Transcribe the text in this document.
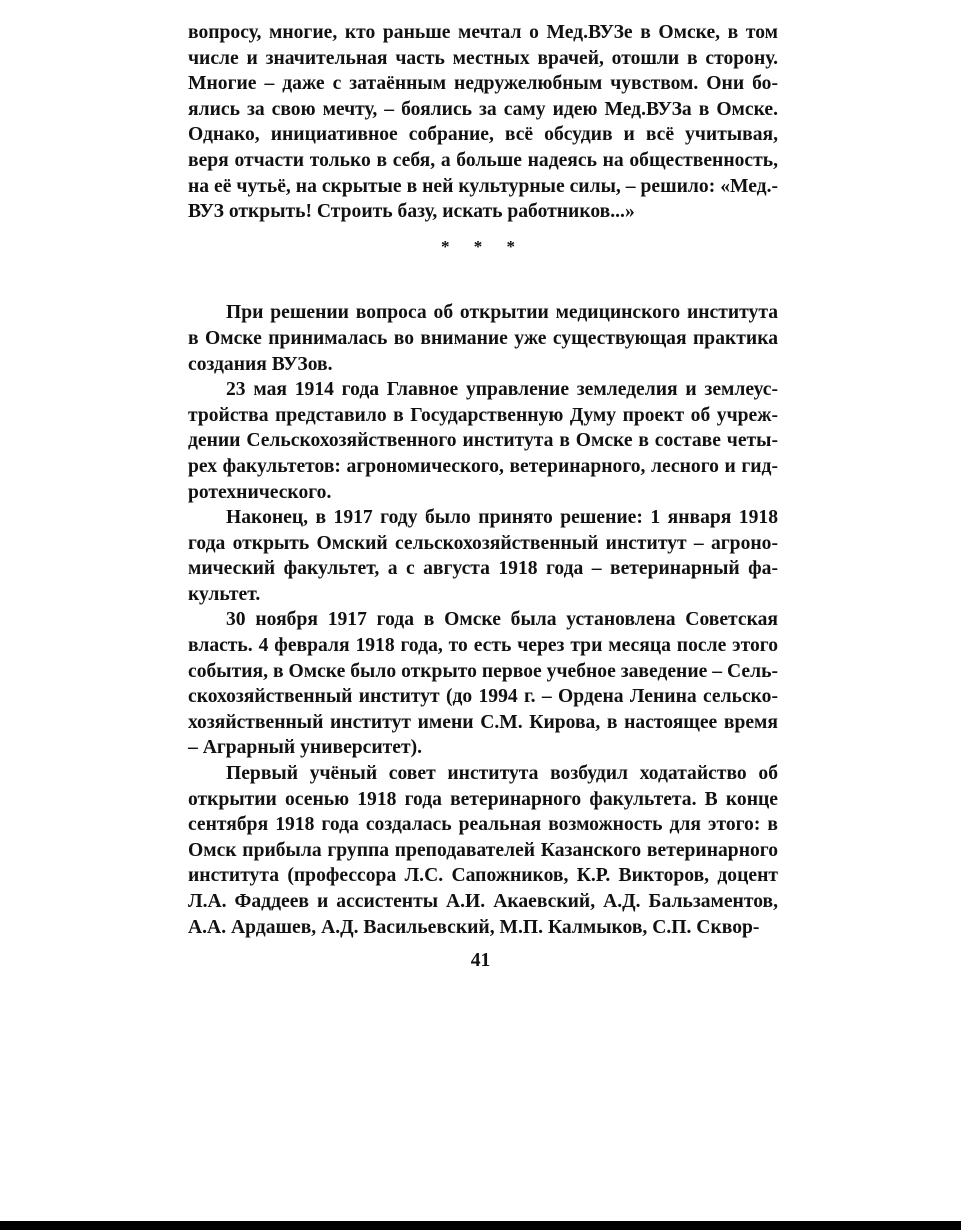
вопросу, многие, кто раньше мечтал о Мед.ВУЗе в Омске, в том числе и значительная часть местных врачей, отошли в сторону. Многие – даже с затаённым недружелюбным чувством. Они боялись за свою мечту, – боялись за саму идею Мед.ВУЗа в Омске. Однако, инициативное собрание, всё обсудив и всё учитывая, веря отчасти только в себя, а больше надеясь на общественность, на её чутьё, на скрытые в ней культурные силы, – решило: «Мед.-ВУЗ открыть! Строить базу, искать работников...»

* * *

При решении вопроса об открытии медицинского института в Омске принималась во внимание уже существующая практика создания ВУЗов.

23 мая 1914 года Главное управление земледелия и землеустройства представило в Государственную Думу проект об учреждении Сельскохозяйственного института в Омске в составе четырех факультетов: агрономического, ветеринарного, лесного и гидротехнического.

Наконец, в 1917 году было принято решение: 1 января 1918 года открыть Омский сельскохозяйственный институт – агрономический факультет, а с августа 1918 года – ветеринарный факультет.

30 ноября 1917 года в Омске была установлена Советская власть. 4 февраля 1918 года, то есть через три месяца после этого события, в Омске было открыто первое учебное заведение – Сельскохозяйственный институт (до 1994 г. – Ордена Ленина сельскохозяйственный институт имени С.М. Кирова, в настоящее время – Аграрный университет).

Первый учёный совет института возбудил ходатайство об открытии осенью 1918 года ветеринарного факультета. В конце сентября 1918 года создалась реальная возможность для этого: в Омск прибыла группа преподавателей Казанского ветеринарного института (профессора Л.С. Сапожников, К.Р. Викторов, доцент Л.А. Фаддеев и ассистенты А.И. Акаевский, А.Д. Бальзаментов, А.А. Ардашев, А.Д. Васильевский, М.П. Калмыков, С.П. Сквор-

41
